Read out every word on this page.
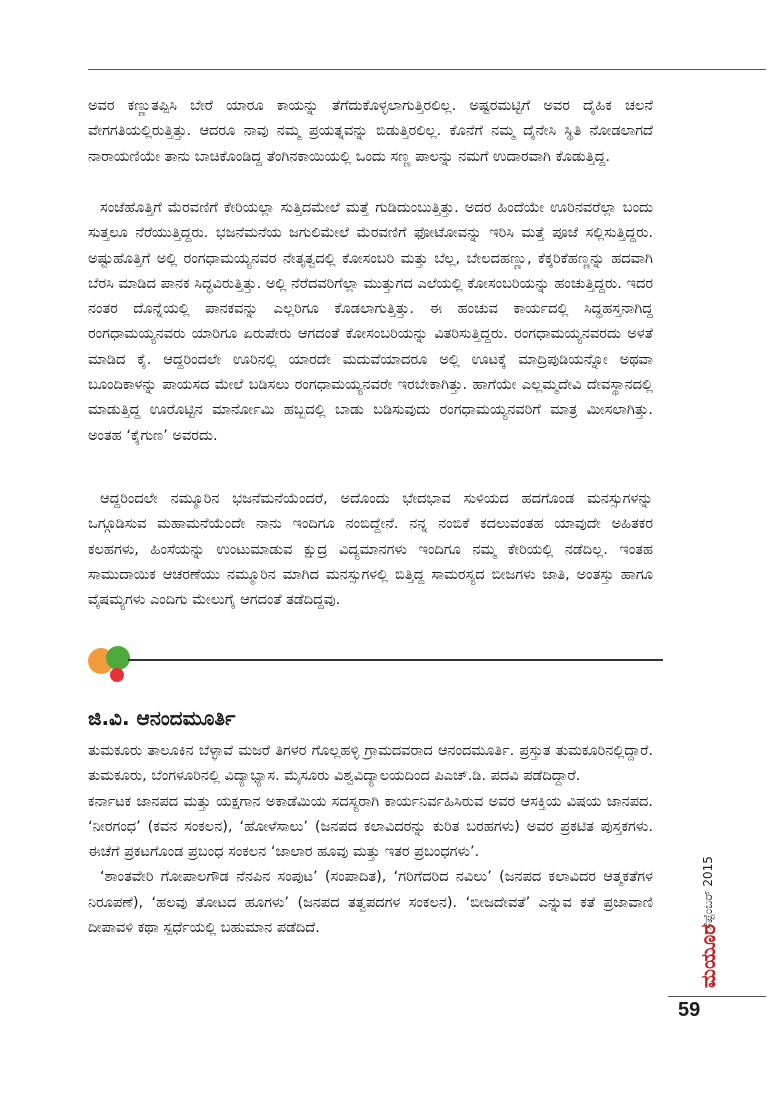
ಅವರ ಕಣ್ಣುತಪ್ಪಿಸಿ ಬೇರೆ ಯಾರೂ ಕಾಯನ್ನು ತೆಗೆದುಕೊಳ್ಳಲಾಗುತ್ತಿರಲಿಲ್ಲ. ಅಷ್ಟರಮಟ್ಟಿಗೆ ಅವರ ದೈಹಿಕ ಚಲನೆ ವೇಗಗತಿಯಲ್ಲಿರುತ್ತಿತ್ತು. ಆದರೂ ನಾವು ನಮ್ಮ ಪ್ರಯತ್ನವನ್ನು ಬಿಡುತ್ತಿರಲಿಲ್ಲ. ಕೊನೆಗೆ ನಮ್ಮ ದೈನೇಸಿ ಸ್ಥಿತಿ ನೋಡಲಾಗದೆ ನಾರಾಯಣಿಯೇ ತಾನು ಬಾಚಿಕೊಂಡಿದ್ದ ತೆಂಗಿನಕಾಯಿಯಲ್ಲಿ ಒಂದು ಸಣ್ಣ ಪಾಲನ್ನು ನಮಗೆ ಉದಾರವಾಗಿ ಕೊಡುತ್ತಿದ್ದ.

ಸಂಜೆಹೊತ್ತಿಗೆ ಮೆರವಣಿಗೆ ಕೇರಿಯಲ್ಲಾ ಸುತ್ತಿದಮೇಲೆ ಮತ್ತೆ ಗುಡಿದುಂಬುತ್ತಿತ್ತು. ಅದರ ಹಿಂದೆಯೇ ಊರಿನವರೆಲ್ಲಾ ಬಂದು ಸುತ್ತಲೂ ನೆರೆಯುತ್ತಿದ್ದರು. ಭಜನೆಮನೆಯ ಜಗುಲಿಮೇಲೆ ಮೆರವಣಿಗೆ ಫೋಟೋವನ್ನು ಇರಿಸಿ ಮತ್ತೆ ಪೂಜೆ ಸಲ್ಲಿಸುತ್ತಿದ್ದರು. ಅಷ್ಟುಹೊತ್ತಿಗೆ ಅಲ್ಲಿ ರಂಗಧಾಮಯ್ಯನವರ ನೇತೃತ್ವದಲ್ಲಿ ಕೋಸಂಬರಿ ಮತ್ತು ಬೆಲ್ಲ, ಬೇಲದಹಣ್ಣು, ಕೆಕ್ಕರಿಕೆಹಣ್ಣನ್ನು ಹದವಾಗಿ ಬೆರಸಿ ಮಾಡಿದ ಪಾನಕ ಸಿದ್ಧವಿರುತ್ತಿತ್ತು. ಅಲ್ಲಿ ನೆರೆದವರಿಗೆಲ್ಲಾ ಮುತ್ತುಗದ ಎಲೆಯಲ್ಲಿ ಕೋಸಂಬರಿಯನ್ನು ಹಂಚುತ್ತಿದ್ದರು. ಇದರ ನಂತರ ದೊನ್ನೆಯಲ್ಲಿ ಪಾನಕವನ್ನು ಎಲ್ಲರಿಗೂ ಕೊಡಲಾಗುತ್ತಿತ್ತು. ಈ ಹಂಚುವ ಕಾರ್ಯದಲ್ಲಿ ಸಿದ್ಧಹಸ್ತನಾಗಿದ್ದ ರಂಗಧಾಮಯ್ಯನವರು ಯಾರಿಗೂ ಏರುಪೇರು ಆಗದಂತೆ ಕೋಸಂಬರಿಯನ್ನು ವಿತರಿಸುತ್ತಿದ್ದರು. ರಂಗಧಾಮಯ್ಯನವರದು ಅಳತೆ ಮಾಡಿದ ಕೈ. ಆದ್ದರಿಂದಲೇ ಊರಿನಲ್ಲಿ ಯಾರದೇ ಮದುವೆಯಾದರೂ ಅಲ್ಲಿ ಊಟಕ್ಕೆ ಮಾದ್ರಿಪುಡಿಯನ್ನೋ ಅಥವಾ ಬೂಂದಿಕಾಳನ್ನು ಪಾಯಸದ ಮೇಲೆ ಬಡಿಸಲು ರಂಗಧಾಮಯ್ಯನವರೇ ಇರಬೇಕಾಗಿತ್ತು. ಹಾಗೆಯೇ ಎಲ್ಲಮ್ಮದೇವಿ ದೇವಸ್ಥಾನದಲ್ಲಿ ಮಾಡುತ್ತಿದ್ದ ಊರೊಟ್ಟಿನ ಮಾರ್ನೋಮಿ ಹಬ್ಬದಲ್ಲಿ ಬಾಡು ಬಡಿಸುವುದು ರಂಗಧಾಮಯ್ಯನವರಿಗೆ ಮಾತ್ರ ಮೀಸಲಾಗಿತ್ತು. ಅಂತಹ ‘ಕೈಗುಣ’ ಅವರದು.

ಆದ್ದರಿಂದಲೇ ನಮ್ಮೂರಿನ ಭಜನೆಮನೆಯೆಂದರೆ, ಅದೊಂದು ಭೇದಭಾವ ಸುಳಿಯದ ಹದಗೊಂಡ ಮನಸ್ಸುಗಳನ್ನು ಒಗ್ಗೂಡಿಸುವ ಮಹಾಮನೆಯೆಂದೇ ನಾನು ಇಂದಿಗೂ ನಂಬಿದ್ದೇನೆ. ನನ್ನ ನಂಬಿಕೆ ಕದಲುವಂತಹ ಯಾವುದೇ ಅಹಿತಕರ ಕಲಹಗಳು, ಹಿಂಸೆಯನ್ನು ಉಂಟುಮಾಡುವ ಕ್ಷುದ್ರ ವಿದ್ಯಮಾನಗಳು ಇಂದಿಗೂ ನಮ್ಮ ಕೇರಿಯಲ್ಲಿ ನಡೆದಿಲ್ಲ. ಇಂತಹ ಸಾಮುದಾಯಿಕ ಆಚರಣೆಯು ನಮ್ಮೂರಿನ ಮಾಗಿದ ಮನಸ್ಸುಗಳಲ್ಲಿ ಬಿತ್ತಿದ್ದ ಸಾಮರಸ್ಯದ ಬೀಜಗಳು ಜಾತಿ, ಅಂತಸ್ತು ಹಾಗೂ ವೈಷಮ್ಯಗಳು ಎಂದಿಗು ಮೇಲುಗೈ ಆಗದಂತೆ ತಡೆದಿದ್ದವು.

ಜಿ.ವಿ. ಆನಂದಮೂರ್ತಿ

ತುಮಕೂರು ತಾಲೂಕಿನ ಬೆಳ್ಳಾವೆ ಮಜರೆ ತಿಗಳರ ಗೊಲ್ಲಹಳ್ಳಿ ಗ್ರಾಮದವರಾದ ಆನಂದಮೂರ್ತಿ. ಪ್ರಸ್ತುತ ತುಮಕೂರಿನಲ್ಲಿದ್ದಾರೆ. ತುಮಕೂರು, ಬೆಂಗಳೂರಿನಲ್ಲಿ ವಿದ್ಯಾಭ್ಯಾಸ. ಮೈಸೂರು ವಿಶ್ವವಿದ್ಯಾಲಯದಿಂದ ಪಿಎಚ್.ಡಿ. ಪದವಿ ಪಡೆದಿದ್ದಾರೆ.

ಕರ್ನಾಟಕ ಜಾನಪದ ಮತ್ತು ಯಕ್ಷಗಾನ ಅಕಾಡೆಮಿಯ ಸದಸ್ಯರಾಗಿ ಕಾರ್ಯನಿರ್ವಹಿಸಿರುವ ಅವರ ಆಸಕ್ತಿಯ ವಿಷಯ ಜಾನಪದ. ‘ನೀರಗಂಧ’ (ಕವನ ಸಂಕಲನ), ‘ಹೋಳೆಸಾಲು’ (ಜನಪದ ಕಲಾವಿದರನ್ನು ಕುರಿತ ಬರಹಗಳು) ಅವರ ಪ್ರಕಟಿತ ಪುಸ್ತಕಗಳು. ಈಚೆಗೆ ಪ್ರಕಟಗೊಂಡ ಪ್ರಬಂಧ ಸಂಕಲನ ‘ಜಾಲಾರ ಹೂವು ಮತ್ತು ಇತರ ಪ್ರಬಂಧಗಳು’.

‘ಶಾಂತವೇರಿ ಗೋಪಾಲಗೌಡ ನೆನಪಿನ ಸಂಪುಟ’ (ಸಂಪಾದಿತ), ‘ಗರಿಗೆದರಿದ ನವಿಲು’ (ಜನಪದ ಕಲಾವಿದರ ಆತ್ಮಕತೆಗಳ ನಿರೂಪಣೆ), ‘ಹಲವು ತೋಟದ ಹೂಗಳು’ (ಜನಪದ ತತ್ವಪದಗಳ ಸಂಕಲನ). ‘ಬೀಜದೇವತೆ’ ಎನ್ನುವ ಕತೆ ಪ್ರಜಾವಾಣಿ ದೀಪಾವಳಿ ಕಥಾ ಸ್ಪರ್ಧೆಯಲ್ಲಿ ಬಹುಮಾನ ಪಡೆದಿದೆ.	ಸೆಪ್ಟೆಂಬರ್ 2015
ಮಯೂರ
59
